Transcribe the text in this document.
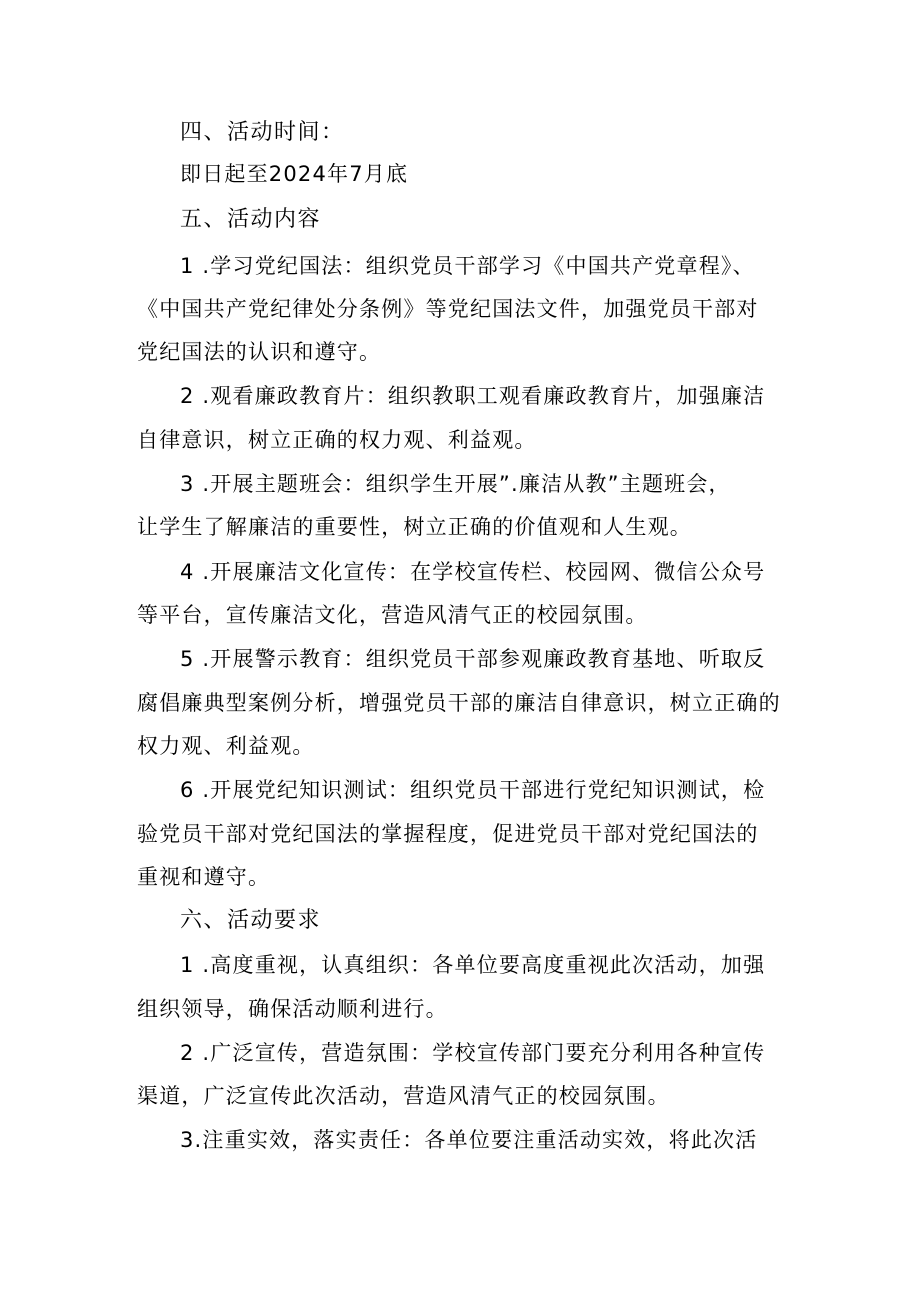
四、活动时间：
即日起至2024年7月底
五、活动内容
1 .学习党纪国法：组织党员干部学习《中国共产党章程》、
《中国共产党纪律处分条例》等党纪国法文件，加强党员干部对
党纪国法的认识和遵守。
2 .观看廉政教育片：组织教职工观看廉政教育片，加强廉洁
自律意识，树立正确的权力观、利益观。
3 .开展主题班会：组织学生开展”.廉洁从教”主题班会，
让学生了解廉洁的重要性，树立正确的价值观和人生观。
4 .开展廉洁文化宣传：在学校宣传栏、校园网、微信公众号
等平台，宣传廉洁文化，营造风清气正的校园氛围。
5 .开展警示教育：组织党员干部参观廉政教育基地、听取反
腐倡廉典型案例分析，增强党员干部的廉洁自律意识，树立正确的
权力观、利益观。
6 .开展党纪知识测试：组织党员干部进行党纪知识测试，检
验党员干部对党纪国法的掌握程度，促进党员干部对党纪国法的
重视和遵守。
六、活动要求
1 .高度重视，认真组织：各单位要高度重视此次活动，加强
组织领导，确保活动顺利进行。
2 .广泛宣传，营造氛围：学校宣传部门要充分利用各种宣传
渠道，广泛宣传此次活动，营造风清气正的校园氛围。
3.注重实效，落实责任：各单位要注重活动实效，将此次活
